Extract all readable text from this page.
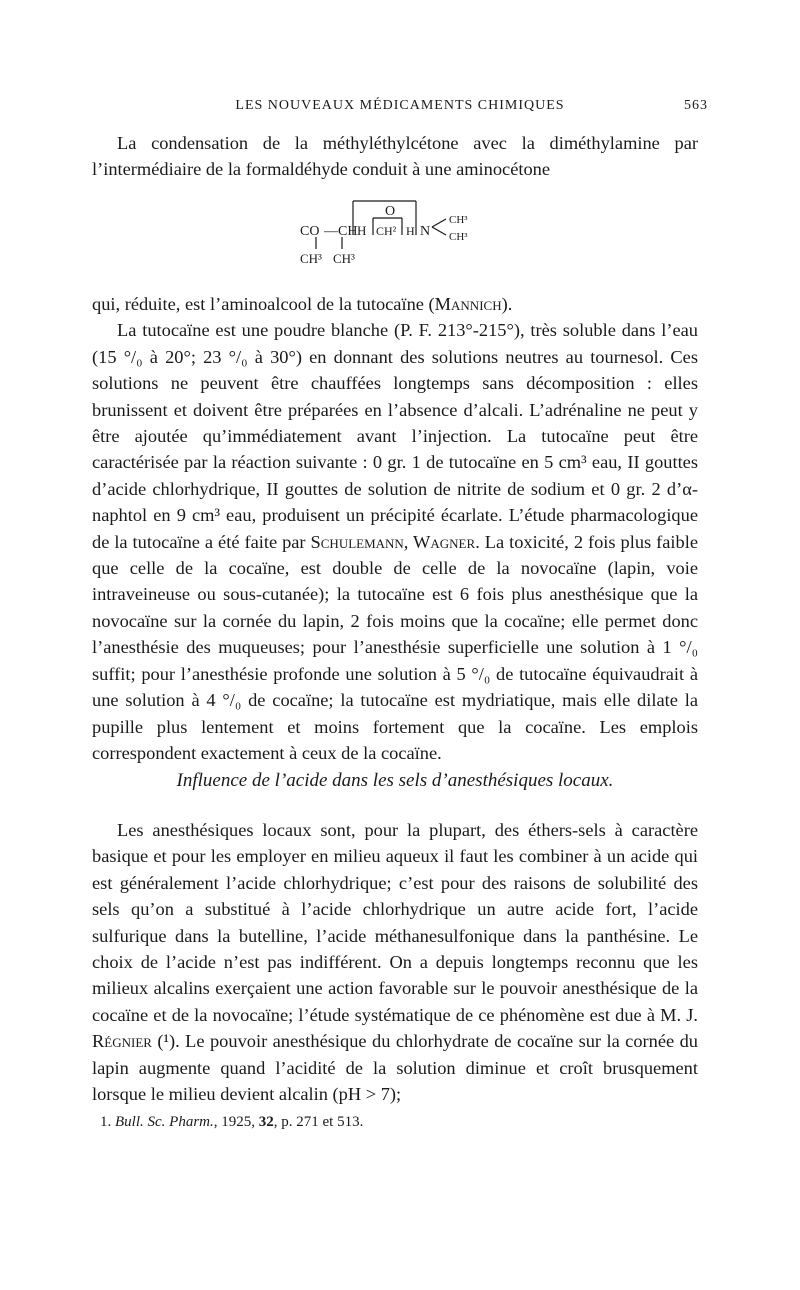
LES NOUVEAUX MÉDICAMENTS CHIMIQUES	563

La condensation de la méthyléthylcétone avec la diméthylamine par l’intermédiaire de la formaldéhyde conduit à une aminocétone

O
CO — CH H CH² H N
CH³
CH³
CH³ CH³

qui, réduite, est l’aminoalcool de la tutocaïne (Mannich).

La tutocaïne est une poudre blanche (P. F. 213°-215°), très soluble dans l’eau (15 °/₀ à 20°; 23 °/₀ à 30°) en donnant des solutions neutres au tournesol. Ces solutions ne peuvent être chauffées longtemps sans décomposition : elles brunissent et doivent être préparées en l’absence d’alcali. L’adrénaline ne peut y être ajoutée qu’immédiatement avant l’injection. La tutocaïne peut être caractérisée par la réaction suivante : 0 gr. 1 de tutocaïne en 5 cm³ eau, II gouttes d’acide chlorhydrique, II gouttes de solution de nitrite de sodium et 0 gr. 2 d’α-naphtol en 9 cm³ eau, produisent un précipité écarlate. L’étude pharmacologique de la tutocaïne a été faite par Schulemann, Wagner. La toxicité, 2 fois plus faible que celle de la cocaïne, est double de celle de la novocaïne (lapin, voie intraveineuse ou sous-cutanée); la tutocaïne est 6 fois plus anesthésique que la novocaïne sur la cornée du lapin, 2 fois moins que la cocaïne; elle permet donc l’anesthésie des muqueuses; pour l’anesthésie superficielle une solution à 1 °/₀ suffit; pour l’anesthésie profonde une solution à 5 °/₀ de tutocaïne équivaudrait à une solution à 4 °/₀ de cocaïne; la tutocaïne est mydriatique, mais elle dilate la pupille plus lentement et moins fortement que la cocaïne. Les emplois correspondent exactement à ceux de la cocaïne.

Influence de l’acide dans les sels d’anesthésiques locaux.

Les anesthésiques locaux sont, pour la plupart, des éthers-sels à caractère basique et pour les employer en milieu aqueux il faut les combiner à un acide qui est généralement l’acide chlorhydrique; c’est pour des raisons de solubilité des sels qu’on a substitué à l’acide chlorhydrique un autre acide fort, l’acide sulfurique dans la butelline, l’acide méthanesulfonique dans la panthésine. Le choix de l’acide n’est pas indifférent. On a depuis longtemps reconnu que les milieux alcalins exerçaient une action favorable sur le pouvoir anesthésique de la cocaïne et de la novocaïne; l’étude systématique de ce phénomène est due à M. J. Régnier (¹). Le pouvoir anesthésique du chlorhydrate de cocaïne sur la cornée du lapin augmente quand l’acidité de la solution diminue et croît brusquement lorsque le milieu devient alcalin (pH > 7);

1. Bull. Sc. Pharm., 1925, 32, p. 271 et 513.
